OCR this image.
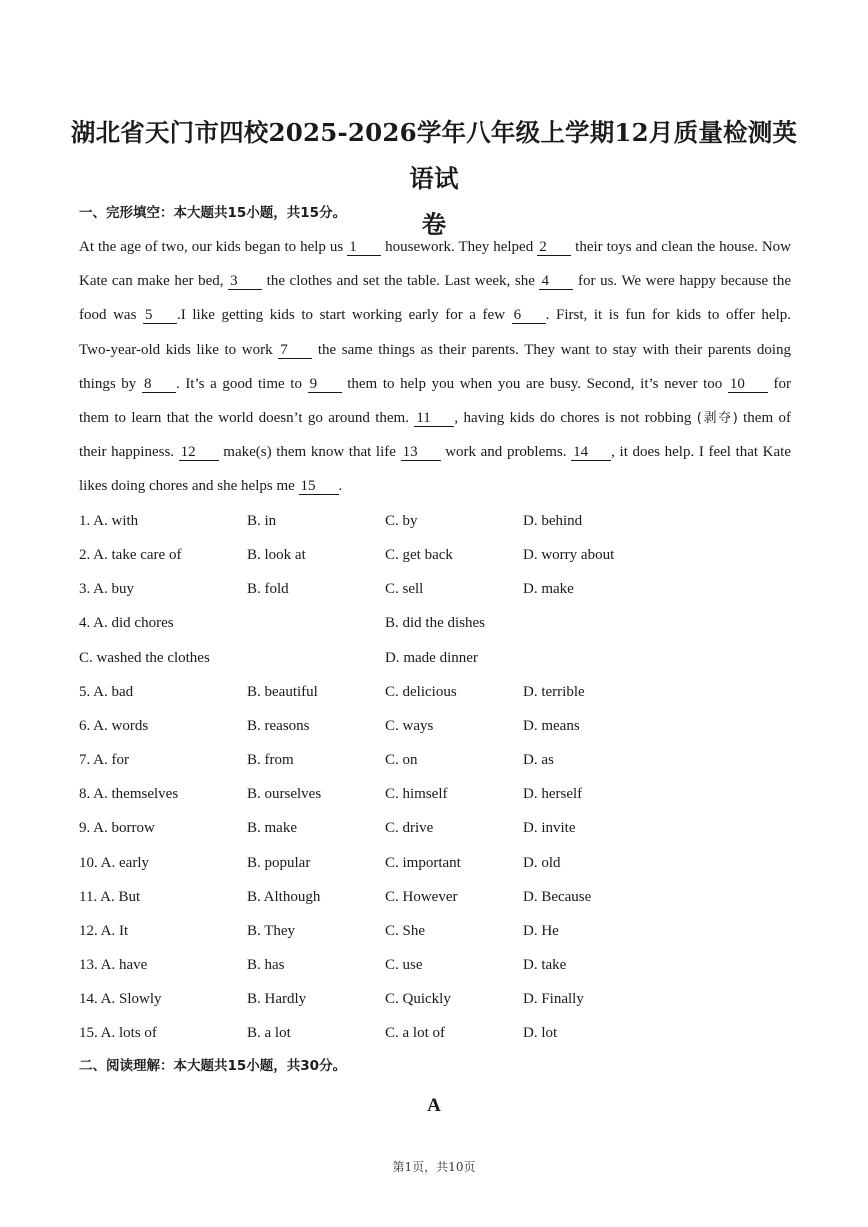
湖北省天门市四校2025-2026学年八年级上学期12月质量检测英语试
卷
一、完形填空：本大题共15小题，共15分。
At the age of two, our kids began to help us 1 housework. They helped 2 their toys and clean the house. Now
Kate can make her bed, 3 the clothes and set the table. Last week, she 4 for us. We were happy because the
food was 5 .I like getting kids to start working early for a few 6 . First, it is fun for kids to offer help.
Two-year-old kids like to work 7 the same things as their parents. They want to stay with their parents doing
things by 8 . It’s a good time to 9 them to help you when you are busy. Second, it’s never too 10 for
them to learn that the world doesn’t go around them. 11 , having kids do chores is not robbing (剥夺) them of
their happiness. 12 make(s) them know that life 13 work and problems. 14 , it does help. I feel that Kate
likes doing chores and she helps me 15 .
1. A. with	B. in	C. by	D. behind
2. A. take care of	B. look at	C. get back	D. worry about
3. A. buy	B. fold	C. sell	D. make
4. A. did chores	B. did the dishes
C. washed the clothes	D. made dinner
5. A. bad	B. beautiful	C. delicious	D. terrible
6. A. words	B. reasons	C. ways	D. means
7. A. for	B. from	C. on	D. as
8. A. themselves	B. ourselves	C. himself	D. herself
9. A. borrow	B. make	C. drive	D. invite
10. A. early	B. popular	C. important	D. old
11. A. But	B. Although	C. However	D. Because
12. A. It	B. They	C. She	D. He
13. A. have	B. has	C. use	D. take
14. A. Slowly	B. Hardly	C. Quickly	D. Finally
15. A. lots of	B. a lot	C. a lot of	D. lot
二、阅读理解：本大题共15小题，共30分。
A
第1页，共10页
